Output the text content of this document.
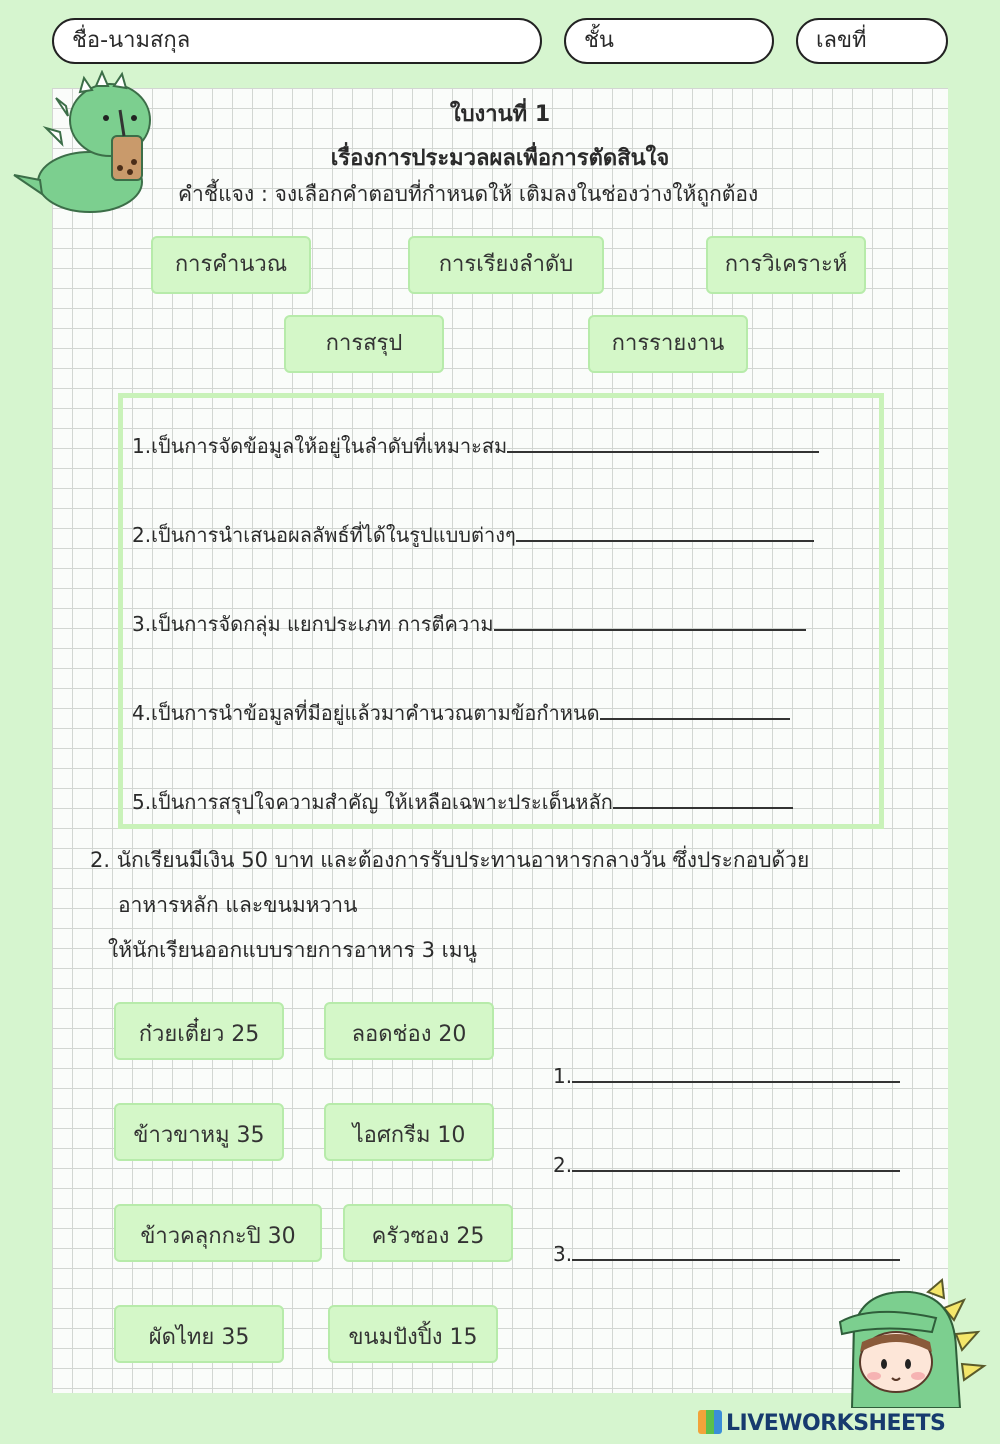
ชื่อ-นามสกุล	ชั้น	เลขที่
ใบงานที่ 1
เรื่องการประมวลผลเพื่อการตัดสินใจ
คำชี้แจง : จงเลือกคำตอบที่กำหนดให้ เติมลงในช่องว่างให้ถูกต้อง
การคำนวณ	การเรียงลำดับ	การวิเคราะห์
การสรุป	การรายงาน
1.เป็นการจัดข้อมูลให้อยู่ในลำดับที่เหมาะสม
2.เป็นการนำเสนอผลลัพธ์ที่ได้ในรูปแบบต่างๆ
3.เป็นการจัดกลุ่ม แยกประเภท การตีความ
4.เป็นการนำข้อมูลที่มีอยู่แล้วมาคำนวณตามข้อกำหนด
5.เป็นการสรุปใจความสำคัญ ให้เหลือเฉพาะประเด็นหลัก
2. นักเรียนมีเงิน 50 บาท และต้องการรับประทานอาหารกลางวัน ซึ่งประกอบด้วย
อาหารหลัก และขนมหวาน
ให้นักเรียนออกแบบรายการอาหาร 3 เมนู
ก๋วยเตี๋ยว 25	ลอดช่อง 20
ข้าวขาหมู 35	ไอศกรีม 10
ข้าวคลุกกะปิ 30	ครัวซอง 25
ผัดไทย 35	ขนมปังปิ้ง 15
1.
2.
3.
LIVEWORKSHEETS
